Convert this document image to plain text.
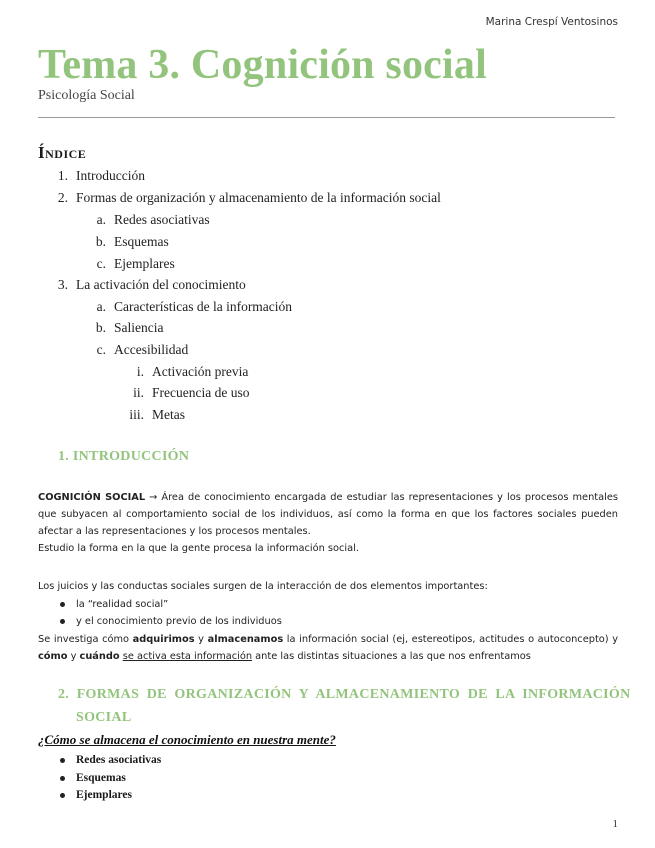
Marina Crespí Ventosinos
Tema 3. Cognición social
Psicología Social
Índice
1. Introducción
2. Formas de organización y almacenamiento de la información social
a. Redes asociativas
b. Esquemas
c. Ejemplares
3. La activación del conocimiento
a. Características de la información
b. Saliencia
c. Accesibilidad
i. Activación previa
ii. Frecuencia de uso
iii. Metas
1. INTRODUCCIÓN
COGNICIÓN SOCIAL → Área de conocimiento encargada de estudiar las representaciones y los procesos mentales que subyacen al comportamiento social de los individuos, así como la forma en que los factores sociales pueden afectar a las representaciones y los procesos mentales.
Estudio la forma en la que la gente procesa la información social.
Los juicios y las conductas sociales surgen de la interacción de dos elementos importantes:
la “realidad social”
y el conocimiento previo de los individuos
Se investiga cómo adquirimos y almacenamos la información social (ej, estereotipos, actitudes o autoconcepto) y cómo y cuándo se activa esta información ante las distintas situaciones a las que nos enfrentamos
2.  FORMAS  DE  ORGANIZACIÓN  Y  ALMACENAMIENTO  DE  LA  INFORMACIÓN
SOCIAL
¿Cómo se almacena el conocimiento en nuestra mente?
Redes asociativas
Esquemas
Ejemplares
1
